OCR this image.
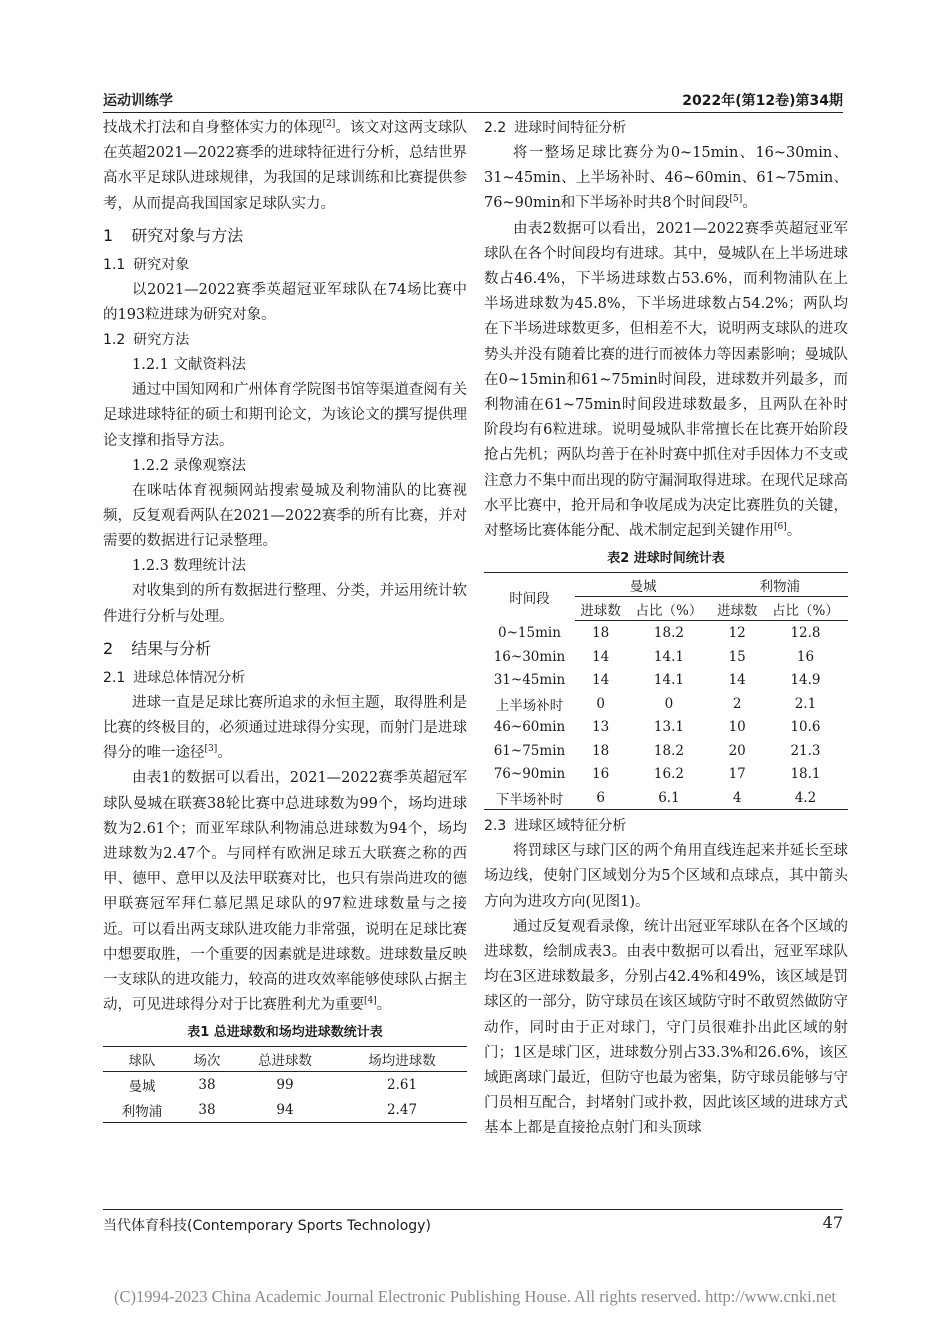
运动训练学	2022年(第12卷)第34期

技战术打法和自身整体实力的体现[2]。该文对这两支球队在英超2021—2022赛季的进球特征进行分析，总结世界高水平足球队进球规律，为我国的足球训练和比赛提供参考，从而提高我国国家足球队实力。

1 研究对象与方法
1.1 研究对象

以2021—2022赛季英超冠亚军球队在74场比赛中的193粒进球为研究对象。

1.2 研究方法
1.2.1 文献资料法

通过中国知网和广州体育学院图书馆等渠道查阅有关足球进球特征的硕士和期刊论文，为该论文的撰写提供理论支撑和指导方法。

1.2.2 录像观察法

在咪咕体育视频网站搜索曼城及利物浦队的比赛视频，反复观看两队在2021—2022赛季的所有比赛，并对需要的数据进行记录整理。

1.2.3 数理统计法

对收集到的所有数据进行整理、分类，并运用统计软件进行分析与处理。

2 结果与分析
2.1 进球总体情况分析

进球一直是足球比赛所追求的永恒主题，取得胜利是比赛的终极目的，必须通过进球得分实现，而射门是进球得分的唯一途径[3]。

由表1的数据可以看出，2021—2022赛季英超冠军球队曼城在联赛38轮比赛中总进球数为99个，场均进球数为2.61个；而亚军球队利物浦总进球数为94个，场均进球数为2.47个。与同样有欧洲足球五大联赛之称的西甲、德甲、意甲以及法甲联赛对比，也只有崇尚进攻的德甲联赛冠军拜仁慕尼黑足球队的97粒进球数量与之接近。可以看出两支球队进攻能力非常强，说明在足球比赛中想要取胜，一个重要的因素就是进球数。进球数量反映一支球队的进攻能力，较高的进攻效率能够使球队占据主动，可见进球得分对于比赛胜利尤为重要[4]。

表1 总进球数和场均进球数统计表
球队	场次	总进球数	场均进球数
曼城	38	99	2.61
利物浦	38	94	2.47
2.2 进球时间特征分析

将一整场足球比赛分为0~15min、16~30min、31~45min、上半场补时、46~60min、61~75min、76~90min和下半场补时共8个时间段[5]。

由表2数据可以看出，2021—2022赛季英超冠亚军球队在各个时间段均有进球。其中，曼城队在上半场进球数占46.4%，下半场进球数占53.6%，而利物浦队在上半场进球数为45.8%，下半场进球数占54.2%；两队均在下半场进球数更多，但相差不大，说明两支球队的进攻势头并没有随着比赛的进行而被体力等因素影响；曼城队在0~15min和61~75min时间段，进球数并列最多，而利物浦在61~75min时间段进球数最多，且两队在补时阶段均有6粒进球。说明曼城队非常擅长在比赛开始阶段抢占先机；两队均善于在补时赛中抓住对手因体力不支或注意力不集中而出现的防守漏洞取得进球。在现代足球高水平比赛中，抢开局和争收尾成为决定比赛胜负的关键，对整场比赛体能分配、战术制定起到关键作用[6]。

表2 进球时间统计表
时间段	曼城		利物浦	
	进球数	占比（%）	进球数	占比（%）
0~15min	18	18.2	12	12.8
16~30min	14	14.1	15	16
31~45min	14	14.1	14	14.9
上半场补时	0	0	2	2.1
46~60min	13	13.1	10	10.6
61~75min	18	18.2	20	21.3
76~90min	16	16.2	17	18.1
下半场补时	6	6.1	4	4.2
2.3 进球区域特征分析

将罚球区与球门区的两个角用直线连起来并延长至球场边线，使射门区域划分为5个区域和点球点，其中箭头方向为进攻方向(见图1)。

通过反复观看录像，统计出冠亚军球队在各个区域的进球数，绘制成表3。由表中数据可以看出，冠亚军球队均在3区进球数最多，分别占42.4%和49%，该区域是罚球区的一部分，防守球员在该区域防守时不敢贸然做防守动作，同时由于正对球门，守门员很难扑出此区域的射门；1区是球门区，进球数分别占33.3%和26.6%，该区域距离球门最近，但防守也最为密集，防守球员能够与守门员相互配合，封堵射门或扑救，因此该区域的进球方式基本上都是直接抢点射门和头顶球

当代体育科技(Contemporary Sports Technology)	47
(C)1994-2023 China Academic Journal Electronic Publishing House. All rights reserved. http://www.cnki.net
